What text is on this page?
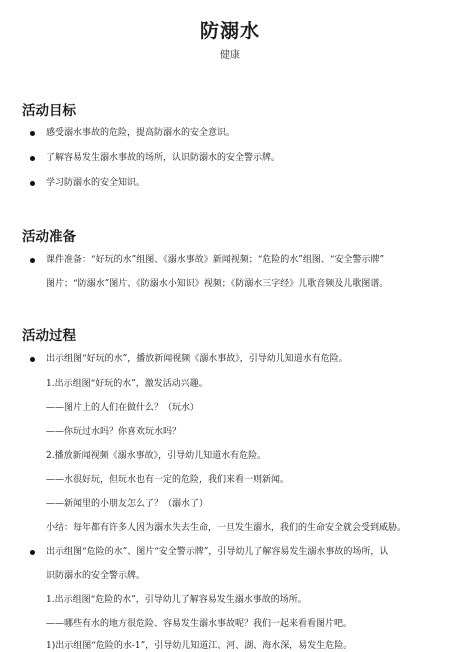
防溺水
健康
活动目标
感受溺水事故的危险，提高防溺水的安全意识。
了解容易发生溺水事故的场所，认识防溺水的安全警示牌。
学习防溺水的安全知识。
活动准备
课件准备：“好玩的水”组图、《溺水事故》新闻视频；“危险的水”组图、“安全警示牌”
图片；“防溺水”图片、《防溺水小知识》视频；《防溺水三字经》儿歌音频及儿歌图谱。
活动过程
出示组图“好玩的水”，播放新闻视频《溺水事故》，引导幼儿知道水有危险。
1.出示组图“好玩的水”，激发活动兴趣。
——图片上的人们在做什么？（玩水）
——你玩过水吗？你喜欢玩水吗？
2.播放新闻视频《溺水事故》，引导幼儿知道水有危险。
——水很好玩，但玩水也有一定的危险，我们来看一则新闻。
——新闻里的小朋友怎么了？（溺水了）
小结：每年都有许多人因为溺水失去生命，一旦发生溺水，我们的生命安全就会受到威胁。
出示组图“危险的水”、图片“安全警示牌”，引导幼儿了解容易发生溺水事故的场所，认
识防溺水的安全警示牌。
1.出示组图“危险的水”，引导幼儿了解容易发生溺水事故的场所。
——哪些有水的地方很危险、容易发生溺水事故呢？我们一起来看看图片吧。
1)出示组图“危险的水-1”，引导幼儿知道江、河、湖、海水深，易发生危险。
